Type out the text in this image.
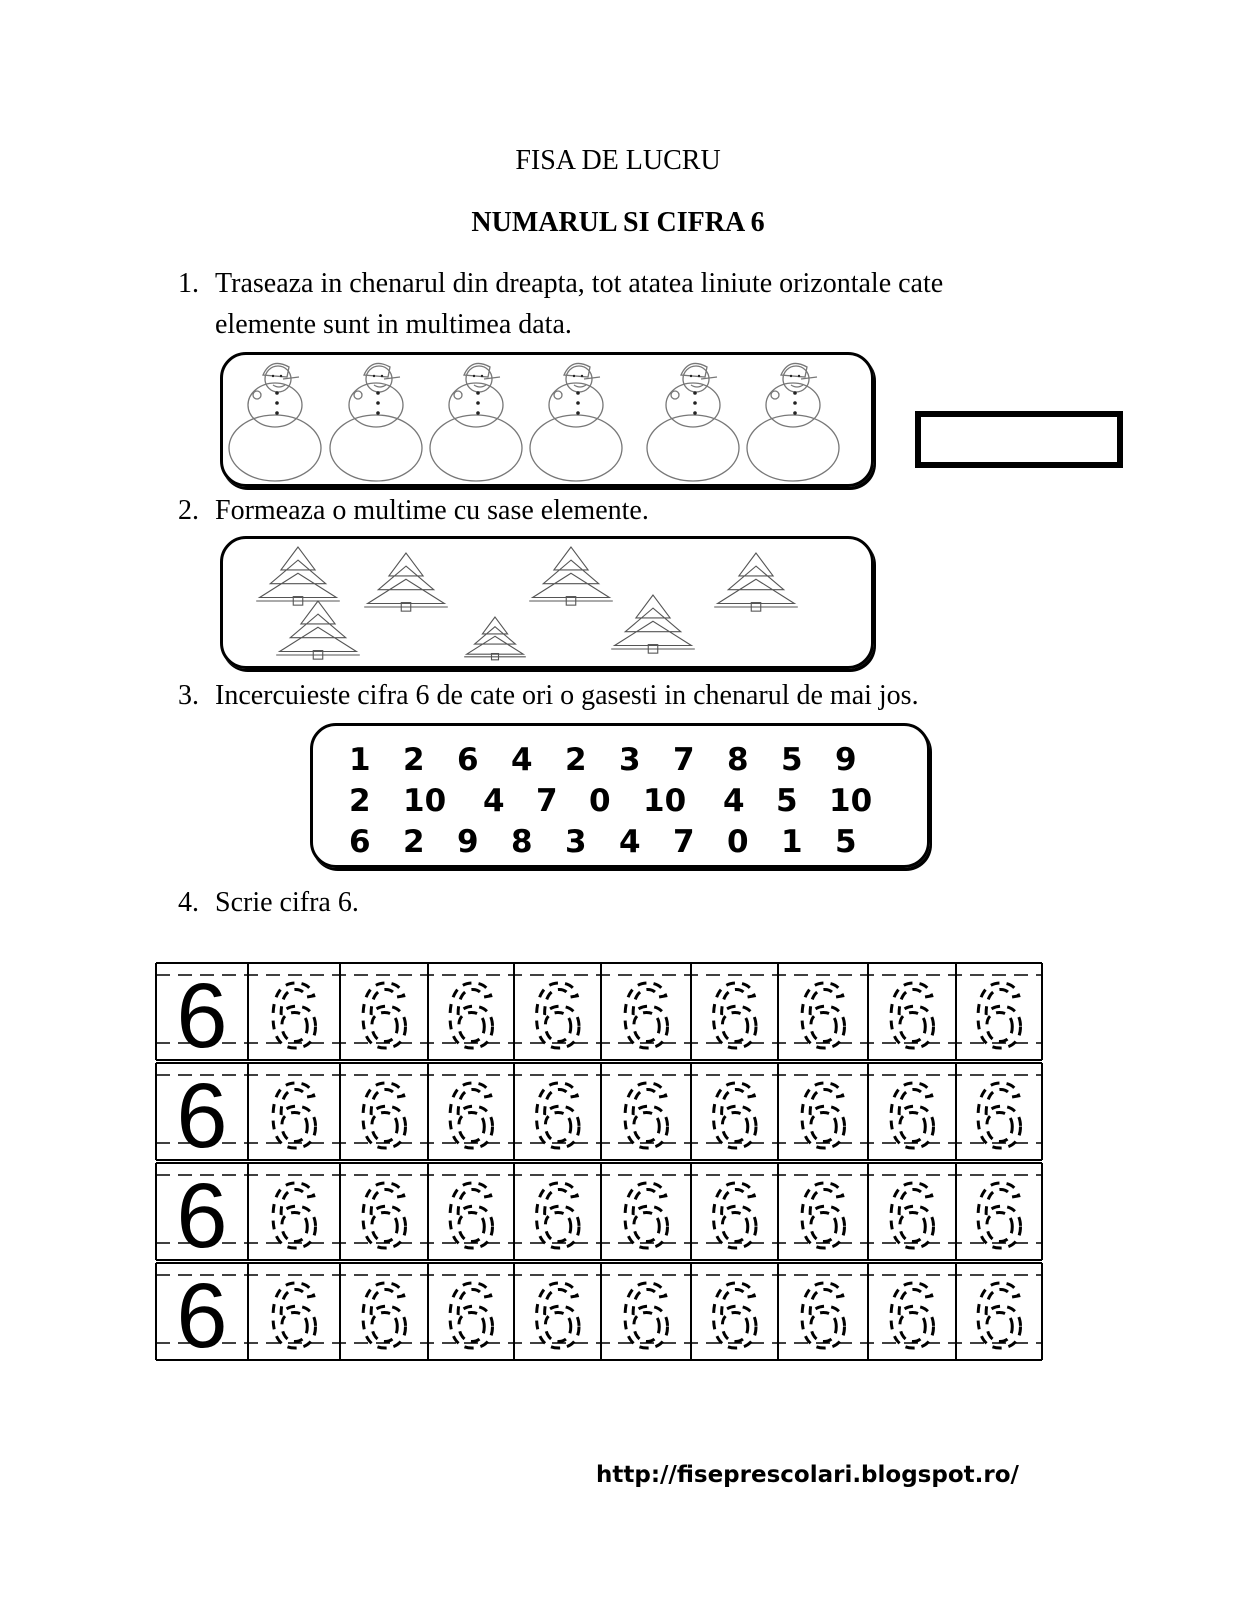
FISA DE LUCRU
NUMARUL SI CIFRA 6
1. Traseaza in chenarul din dreapta, tot atatea liniute orizontale cate
elemente sunt in multimea data.
2. Formeaza o multime cu sase elemente.
3. Incercuieste cifra 6 de cate ori o gasesti in chenarul de mai jos.
1 2 6 4 2 3 7 8 5 9
2 10 4 7 0 10 4 5 10
6 2 9 8 3 4 7 0 1 5
4. Scrie cifra 6.
6 6 6 6 6 6 6 6 6 6
6 6 6 6 6 6 6 6 6 6
6 6 6 6 6 6 6 6 6 6
6 6 6 6 6 6 6 6 6 6
http://fiseprescolari.blogspot.ro/
